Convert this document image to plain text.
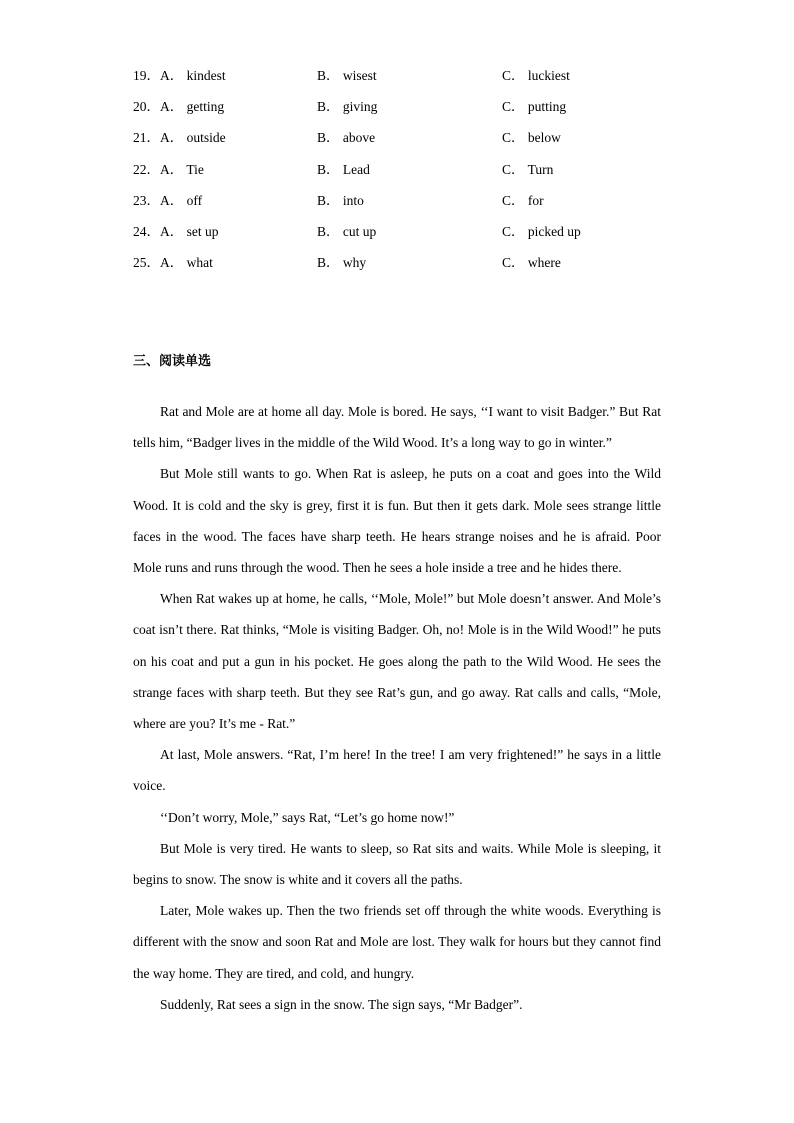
19． A． kindest	B． wisest	C． luckiest
20． A． getting	B． giving	C． putting
21． A． outside	B． above	C． below
22． A． Tie	B． Lead	C． Turn
23． A． off	B． into	C． for
24． A． set up	B． cut up	C． picked up
25． A． what	B． why	C． where
三、阅读单选

Rat and Mole are at home all day. Mole is bored. He says, ‘‘I want to visit Badger.” But Rat tells him, “Badger lives in the middle of the Wild Wood. It’s a long way to go in winter.”

But Mole still wants to go. When Rat is asleep, he puts on a coat and goes into the Wild Wood. It is cold and the sky is grey, first it is fun. But then it gets dark. Mole sees strange little faces in the wood. The faces have sharp teeth. He hears strange noises and he is afraid. Poor Mole runs and runs through the wood. Then he sees a hole inside a tree and he hides there.

When Rat wakes up at home, he calls, ‘‘Mole, Mole!” but Mole doesn’t answer. And Mole’s coat isn’t there. Rat thinks, “Mole is visiting Badger. Oh, no! Mole is in the Wild Wood!” he puts on his coat and put a gun in his pocket. He goes along the path to the Wild Wood. He sees the strange faces with sharp teeth. But they see Rat’s gun, and go away. Rat calls and calls, “Mole, where are you? It’s me - Rat.”

At last, Mole answers. “Rat, I’m here! In the tree! I am very frightened!” he says in a little voice.

‘‘Don’t worry, Mole,” says Rat, “Let’s go home now!”

But Mole is very tired. He wants to sleep, so Rat sits and waits. While Mole is sleeping, it begins to snow. The snow is white and it covers all the paths.

Later, Mole wakes up. Then the two friends set off through the white woods. Everything is different with the snow and soon Rat and Mole are lost. They walk for hours but they cannot find the way home. They are tired, and cold, and hungry.

Suddenly, Rat sees a sign in the snow. The sign says, “Mr Badger”.
